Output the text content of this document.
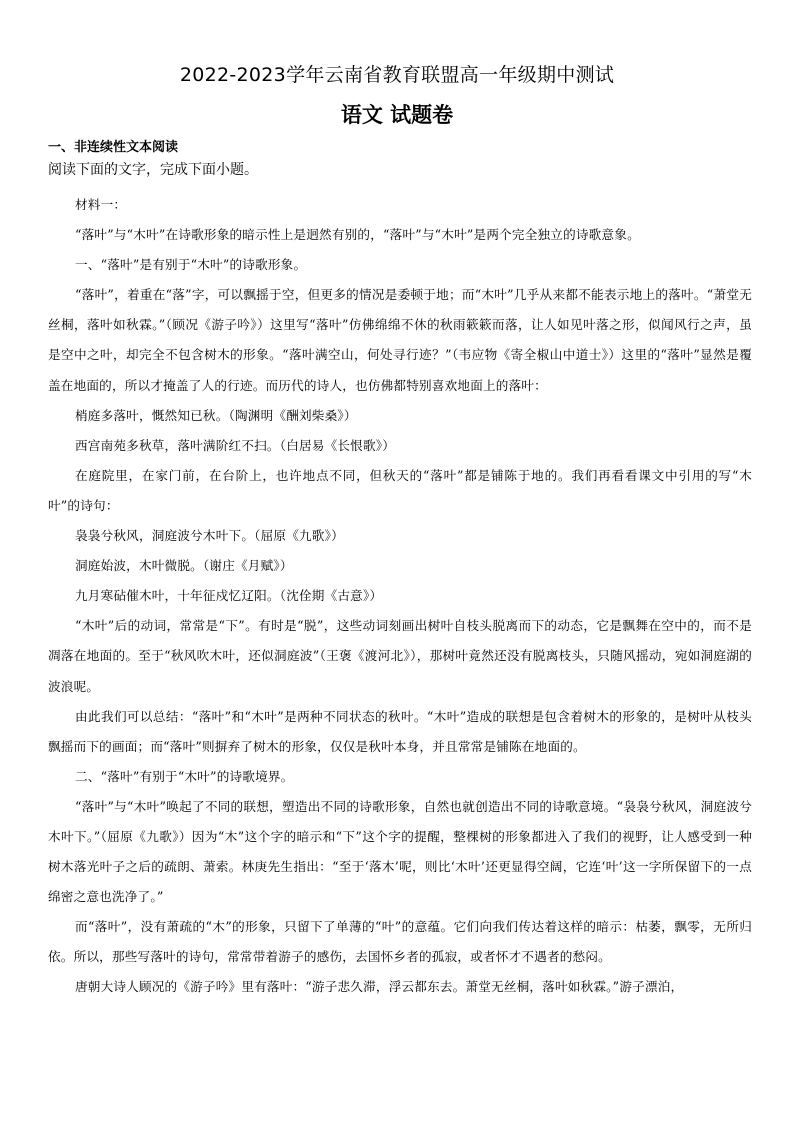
2022-2023学年云南省教育联盟高一年级期中测试
语文 试题卷
一、非连续性文本阅读
阅读下面的文字，完成下面小题。

材料一：

“落叶”与“木叶”在诗歌形象的暗示性上是迥然有别的，“落叶”与“木叶”是两个完全独立的诗歌意象。

一、“落叶”是有别于“木叶”的诗歌形象。

“落叶”，着重在“落”字，可以飘摇于空，但更多的情况是委顿于地；而“木叶”几乎从来都不能表示地上的落叶。“萧堂无丝桐，落叶如秋霖。”（顾况《游子吟》）这里写“落叶”仿佛绵绵不休的秋雨簌簌而落，让人如见叶落之形，似闻风行之声，虽是空中之叶，却完全不包含树木的形象。“落叶满空山，何处寻行迹？”（韦应物《寄全椒山中道士》）这里的“落叶”显然是覆盖在地面的，所以才掩盖了人的行迹。而历代的诗人，也仿佛都特别喜欢地面上的落叶：

梢庭多落叶，慨然知已秋。（陶渊明《酬刘柴桑》）

西宫南苑多秋草，落叶满阶红不扫。（白居易《长恨歌》）

在庭院里，在家门前，在台阶上，也许地点不同，但秋天的“落叶”都是铺陈于地的。我们再看看课文中引用的写“木叶”的诗句：

袅袅兮秋风，洞庭波兮木叶下。（屈原《九歌》）

洞庭始波，木叶微脱。（谢庄《月赋》）

九月寒砧催木叶，十年征戍忆辽阳。（沈佺期《古意》）

“木叶”后的动词，常常是“下”。有时是“脱”，这些动词刻画出树叶自枝头脱离而下的动态，它是飘舞在空中的，而不是凋落在地面的。至于“秋风吹木叶，还似洞庭波”（王褒《渡河北》），那树叶竟然还没有脱离枝头，只随风摇动，宛如洞庭湖的波浪呢。

由此我们可以总结：“落叶”和“木叶”是两种不同状态的秋叶。“木叶”造成的联想是包含着树木的形象的，是树叶从枝头飘摇而下的画面；而“落叶”则摒弃了树木的形象，仅仅是秋叶本身，并且常常是铺陈在地面的。

二、“落叶”有别于“木叶”的诗歌境界。

“落叶”与“木叶”唤起了不同的联想，塑造出不同的诗歌形象，自然也就创造出不同的诗歌意境。“袅袅兮秋风，洞庭波兮木叶下。”（屈原《九歌》）因为“木”这个字的暗示和“下”这个字的提醒，整棵树的形象都进入了我们的视野，让人感受到一种树木落光叶子之后的疏朗、萧索。林庚先生指出：“至于‘落木’呢，则比‘木叶’还更显得空阔，它连‘叶’这一字所保留下的一点绵密之意也洗净了。”

而“落叶”，没有萧疏的“木”的形象，只留下了单薄的“叶”的意蕴。它们向我们传达着这样的暗示：枯萎，飘零，无所归依。所以，那些写落叶的诗句，常常带着游子的感伤，去国怀乡者的孤寂，或者怀才不遇者的愁闷。

唐朝大诗人顾况的《游子吟》里有落叶：“游子悲久滞，浮云都东去。萧堂无丝桐，落叶如秋霖。”游子漂泊，
